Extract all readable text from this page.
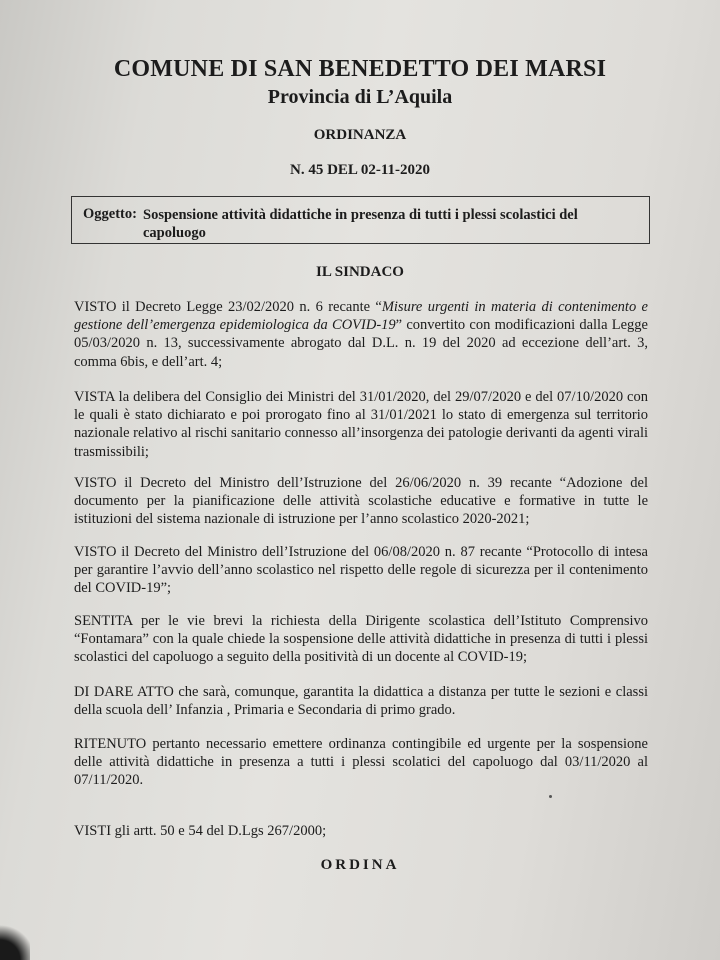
COMUNE DI SAN BENEDETTO DEI MARSI

Provincia di L’Aquila

ORDINANZA

N. 45 DEL 02-11-2020

Oggetto: Sospensione attività didattiche in presenza di tutti i plessi scolastici del capoluogo

IL SINDACO

VISTO il Decreto Legge 23/02/2020 n. 6 recante “Misure urgenti in materia di contenimento e gestione dell’emergenza epidemiologica da COVID-19” convertito con modificazioni dalla Legge 05/03/2020 n. 13, successivamente abrogato dal D.L. n. 19 del 2020 ad eccezione dell’art. 3, comma 6bis, e dell’art. 4;

VISTA la delibera del Consiglio dei Ministri del 31/01/2020, del 29/07/2020 e del 07/10/2020 con le quali è stato dichiarato e poi prorogato fino al 31/01/2021 lo stato di emergenza sul territorio nazionale relativo al rischi sanitario connesso all’insorgenza dei patologie derivanti da agenti virali trasmissibili;

VISTO il Decreto del Ministro dell’Istruzione del 26/06/2020 n. 39 recante “Adozione del documento per la pianificazione delle attività scolastiche educative e formative in tutte le istituzioni del sistema nazionale di istruzione per l’anno scolastico 2020-2021;

VISTO il Decreto del Ministro dell’Istruzione del 06/08/2020 n. 87 recante “Protocollo di intesa per garantire l’avvio dell’anno scolastico nel rispetto delle regole di sicurezza per il contenimento del COVID-19”;

SENTITA per le vie brevi la richiesta della Dirigente scolastica dell’Istituto Comprensivo “Fontamara” con la quale chiede la sospensione delle attività didattiche in presenza di tutti i plessi scolastici del capoluogo a seguito della positività di un docente al COVID-19;

DI DARE ATTO che sarà, comunque, garantita la didattica a distanza per tutte le sezioni e classi della scuola dell’ Infanzia , Primaria e Secondaria di primo grado.

RITENUTO pertanto necessario emettere ordinanza contingibile ed urgente per la sospensione delle attività didattiche in presenza a tutti i plessi scolatici del capoluogo dal 03/11/2020 al 07/11/2020.

VISTI gli artt. 50 e 54 del D.Lgs 267/2000;

ORDINA
